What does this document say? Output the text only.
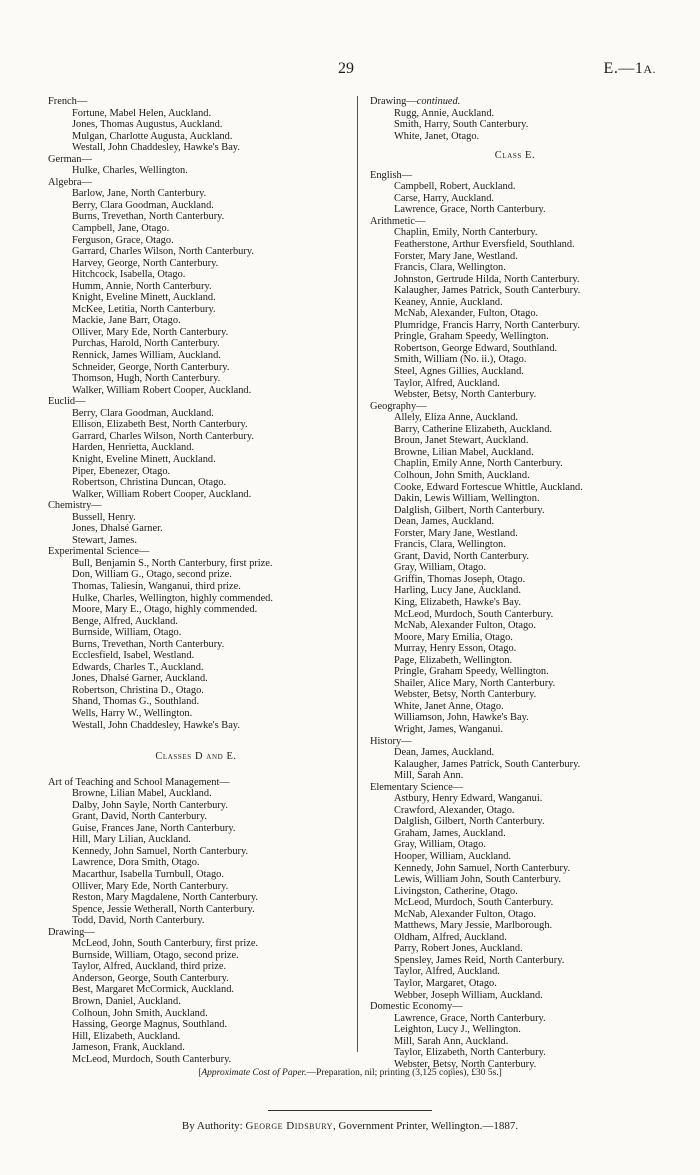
29	E.—1A.
French—
Fortune, Mabel Helen, Auckland.
Jones, Thomas Augustus, Auckland.
Mulgan, Charlotte Augusta, Auckland.
Westall, John Chaddesley, Hawke's Bay.
German—
Hulke, Charles, Wellington.
Algebra—
Barlow, Jane, North Canterbury.
Berry, Clara Goodman, Auckland.
Burns, Trevethan, North Canterbury.
Campbell, Jane, Otago.
Ferguson, Grace, Otago.
Garrard, Charles Wilson, North Canterbury.
Harvey, George, North Canterbury.
Hitchcock, Isabella, Otago.
Humm, Annie, North Canterbury.
Knight, Eveline Minett, Auckland.
McKee, Letitia, North Canterbury.
Mackie, Jane Barr, Otago.
Olliver, Mary Ede, North Canterbury.
Purchas, Harold, North Canterbury.
Rennick, James William, Auckland.
Schneider, George, North Canterbury.
Thomson, Hugh, North Canterbury.
Walker, William Robert Cooper, Auckland.
Euclid—
Berry, Clara Goodman, Auckland.
Ellison, Elizabeth Best, North Canterbury.
Garrard, Charles Wilson, North Canterbury.
Harden, Henrietta, Auckland.
Knight, Eveline Minett, Auckland.
Piper, Ebenezer, Otago.
Robertson, Christina Duncan, Otago.
Walker, William Robert Cooper, Auckland.
Chemistry—
Bussell, Henry.
Jones, Dhalsé Garner.
Stewart, James.
Experimental Science—
Bull, Benjamin S., North Canterbury, first prize.
Don, William G., Otago, second prize.
Thomas, Taliesin, Wanganui, third prize.
Hulke, Charles, Wellington, highly commended.
Moore, Mary E., Otago, highly commended.
Benge, Alfred, Auckland.
Burnside, William, Otago.
Burns, Trevethan, North Canterbury.
Ecclesfield, Isabel, Westland.
Edwards, Charles T., Auckland.
Jones, Dhalsé Garner, Auckland.
Robertson, Christina D., Otago.
Shand, Thomas G., Southland.
Wells, Harry W., Wellington.
Westall, John Chaddesley, Hawke's Bay.
Classes D and E.
Art of Teaching and School Management—
Browne, Lilian Mabel, Auckland.
Dalby, John Sayle, North Canterbury.
Grant, David, North Canterbury.
Guise, Frances Jane, North Canterbury.
Hill, Mary Lilian, Auckland.
Kennedy, John Samuel, North Canterbury.
Lawrence, Dora Smith, Otago.
Macarthur, Isabella Turnbull, Otago.
Olliver, Mary Ede, North Canterbury.
Reston, Mary Magdalene, North Canterbury.
Spence, Jessie Wetherall, North Canterbury.
Todd, David, North Canterbury.
Drawing—
McLeod, John, South Canterbury, first prize.
Burnside, William, Otago, second prize.
Taylor, Alfred, Auckland, third prize.
Anderson, George, South Canterbury.
Best, Margaret McCormick, Auckland.
Brown, Daniel, Auckland.
Colhoun, John Smith, Auckland.
Hassing, George Magnus, Southland.
Hill, Elizabeth, Auckland.
Jameson, Frank, Auckland.
McLeod, Murdoch, South Canterbury.
Drawing—continued.
Rugg, Annie, Auckland.
Smith, Harry, South Canterbury.
White, Janet, Otago.
Class E.
English—
Campbell, Robert, Auckland.
Carse, Harry, Auckland.
Lawrence, Grace, North Canterbury.
Arithmetic—
Chaplin, Emily, North Canterbury.
Featherstone, Arthur Eversfield, Southland.
Forster, Mary Jane, Westland.
Francis, Clara, Wellington.
Johnston, Gertrude Hilda, North Canterbury.
Kalaugher, James Patrick, South Canterbury.
Keaney, Annie, Auckland.
McNab, Alexander, Fulton, Otago.
Plumridge, Francis Harry, North Canterbury.
Pringle, Graham Speedy, Wellington.
Robertson, George Edward, Southland.
Smith, William (No. ii.), Otago.
Steel, Agnes Gillies, Auckland.
Taylor, Alfred, Auckland.
Webster, Betsy, North Canterbury.
Geography—
Allely, Eliza Anne, Auckland.
Barry, Catherine Elizabeth, Auckland.
Broun, Janet Stewart, Auckland.
Browne, Lilian Mabel, Auckland.
Chaplin, Emily Anne, North Canterbury.
Colhoun, John Smith, Auckland.
Cooke, Edward Fortescue Whittle, Auckland.
Dakin, Lewis William, Wellington.
Dalglish, Gilbert, North Canterbury.
Dean, James, Auckland.
Forster, Mary Jane, Westland.
Francis, Clara, Wellington.
Grant, David, North Canterbury.
Gray, William, Otago.
Griffin, Thomas Joseph, Otago.
Harling, Lucy Jane, Auckland.
King, Elizabeth, Hawke's Bay.
McLeod, Murdoch, South Canterbury.
McNab, Alexander Fulton, Otago.
Moore, Mary Emilia, Otago.
Murray, Henry Esson, Otago.
Page, Elizabeth, Wellington.
Pringle, Graham Speedy, Wellington.
Shailer, Alice Mary, North Canterbury.
Webster, Betsy, North Canterbury.
White, Janet Anne, Otago.
Williamson, John, Hawke's Bay.
Wright, James, Wanganui.
History—
Dean, James, Auckland.
Kalaugher, James Patrick, South Canterbury.
Mill, Sarah Ann.
Elementary Science—
Astbury, Henry Edward, Wanganui.
Crawford, Alexander, Otago.
Dalglish, Gilbert, North Canterbury.
Graham, James, Auckland.
Gray, William, Otago.
Hooper, William, Auckland.
Kennedy, John Samuel, North Canterbury.
Lewis, William John, South Canterbury.
Livingston, Catherine, Otago.
McLeod, Murdoch, South Canterbury.
McNab, Alexander Fulton, Otago.
Matthews, Mary Jessie, Marlborough.
Oldham, Alfred, Auckland.
Parry, Robert Jones, Auckland.
Spensley, James Reid, North Canterbury.
Taylor, Alfred, Auckland.
Taylor, Margaret, Otago.
Webber, Joseph William, Auckland.
Domestic Economy—
Lawrence, Grace, North Canterbury.
Leighton, Lucy J., Wellington.
Mill, Sarah Ann, Auckland.
Taylor, Elizabeth, North Canterbury.
Webster, Betsy, North Canterbury.
[Approximate Cost of Paper.—Preparation, nil; printing (3,125 copies), £30 5s.]
By Authority: George Didsbury, Government Printer, Wellington.—1887.
